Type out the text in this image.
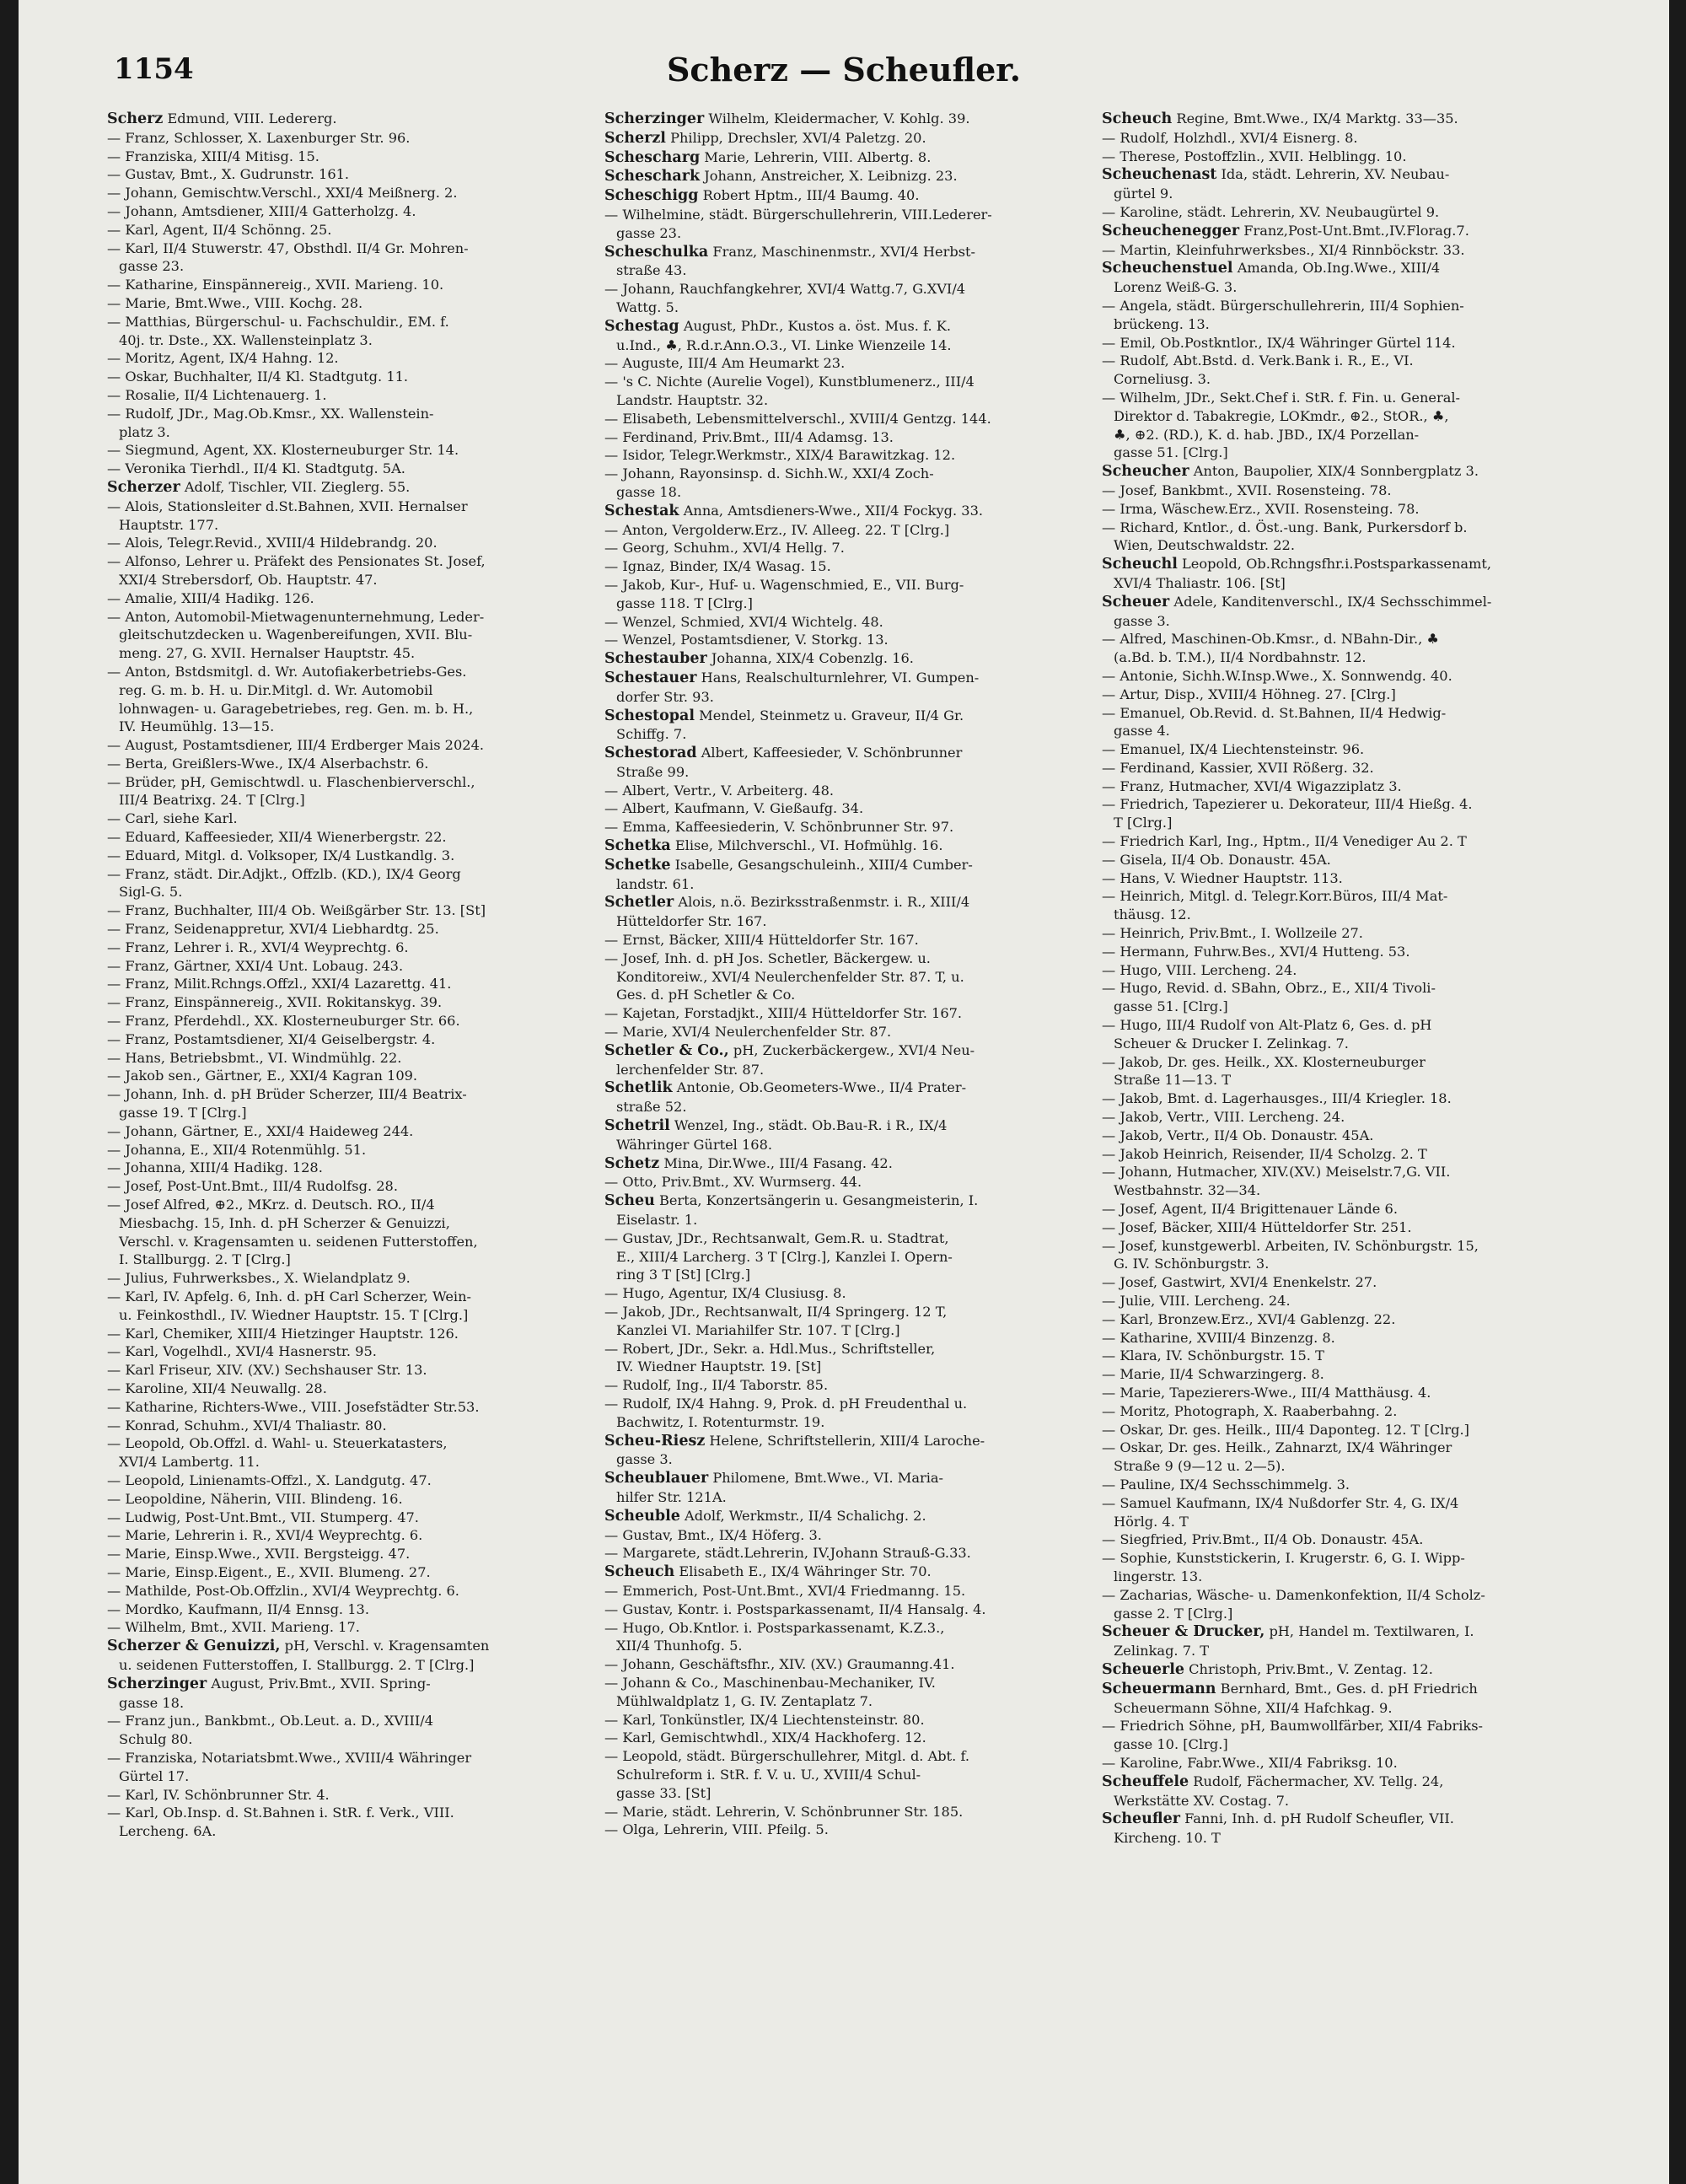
1154	Scherz — Scheufler.
Scherz Edmund, VIII. Ledererg.
— Franz, Schlosser, X. Laxenburger Str. 96.
— Franziska, XIII/4 Mitisg. 15.
— Gustav, Bmt., X. Gudrunstr. 161.
— Johann, Gemischtw.Verschl., XXI/4 Meißnerg. 2.
— Johann, Amtsdiener, XIII/4 Gatterholzg. 4.
— Karl, Agent, II/4 Schönng. 25.
— Karl, II/4 Stuwerstr. 47, Obsthdl. II/4 Gr. Mohren-
gasse 23.
— Katharine, Einspännereig., XVII. Marieng. 10.
— Marie, Bmt.Wwe., VIII. Kochg. 28.
— Matthias, Bürgerschul- u. Fachschuldir., EM. f.
40j. tr. Dste., XX. Wallensteinplatz 3.
— Moritz, Agent, IX/4 Hahng. 12.
— Oskar, Buchhalter, II/4 Kl. Stadtgutg. 11.
— Rosalie, II/4 Lichtenauerg. 1.
— Rudolf, JDr., Mag.Ob.Kmsr., XX. Wallenstein-
platz 3.
— Siegmund, Agent, XX. Klosterneuburger Str. 14.
— Veronika Tierhdl., II/4 Kl. Stadtgutg. 5A.
Scherzer Adolf, Tischler, VII. Zieglerg. 55.
— Alois, Stationsleiter d.St.Bahnen, XVII. Hernalser
Hauptstr. 177.
— Alois, Telegr.Revid., XVIII/4 Hildebrandg. 20.
— Alfonso, Lehrer u. Präfekt des Pensionates St. Josef,
XXI/4 Strebersdorf, Ob. Hauptstr. 47.
— Amalie, XIII/4 Hadikg. 126.
— Anton, Automobil-Mietwagenunternehmung, Leder-
gleitschutzdecken u. Wagenbereifungen, XVII. Blu-
meng. 27, G. XVII. Hernalser Hauptstr. 45.
— Anton, Bstdsmitgl. d. Wr. Autofiakerbetriebs-Ges.
reg. G. m. b. H. u. Dir.Mitgl. d. Wr. Automobil
lohnwagen- u. Garagebetriebes, reg. Gen. m. b. H.,
IV. Heumühlg. 13—15.
— August, Postamtsdiener, III/4 Erdberger Mais 2024.
— Berta, Greißlers-Wwe., IX/4 Alserbachstr. 6.
— Brüder, pH, Gemischtwdl. u. Flaschenbierverschl.,
III/4 Beatrixg. 24. T [Clrg.]
— Carl, siehe Karl.
— Eduard, Kaffeesieder, XII/4 Wienerbergstr. 22.
— Eduard, Mitgl. d. Volksoper, IX/4 Lustkandlg. 3.
— Franz, städt. Dir.Adjkt., Offzlb. (KD.), IX/4 Georg
Sigl-G. 5.
— Franz, Buchhalter, III/4 Ob. Weißgärber Str. 13. [St]
— Franz, Seidenappretur, XVI/4 Liebhardtg. 25.
— Franz, Lehrer i. R., XVI/4 Weyprechtg. 6.
— Franz, Gärtner, XXI/4 Unt. Lobaug. 243.
— Franz, Milit.Rchngs.Offzl., XXI/4 Lazarettg. 41.
— Franz, Einspännereig., XVII. Rokitanskyg. 39.
— Franz, Pferdehdl., XX. Klosterneuburger Str. 66.
— Franz, Postamtsdiener, XI/4 Geiselbergstr. 4.
— Hans, Betriebsbmt., VI. Windmühlg. 22.
— Jakob sen., Gärtner, E., XXI/4 Kagran 109.
— Johann, Inh. d. pH Brüder Scherzer, III/4 Beatrix-
gasse 19. T [Clrg.]
— Johann, Gärtner, E., XXI/4 Haideweg 244.
— Johanna, E., XII/4 Rotenmühlg. 51.
— Johanna, XIII/4 Hadikg. 128.
— Josef, Post-Unt.Bmt., III/4 Rudolfsg. 28.
— Josef Alfred, ⊕2., MKrz. d. Deutsch. RO., II/4
Miesbachg. 15, Inh. d. pH Scherzer & Genuizzi,
Verschl. v. Kragensamten u. seidenen Futterstoffen,
I. Stallburgg. 2. T [Clrg.]
— Julius, Fuhrwerksbes., X. Wielandplatz 9.
— Karl, IV. Apfelg. 6, Inh. d. pH Carl Scherzer, Wein-
u. Feinkosthdl., IV. Wiedner Hauptstr. 15. T [Clrg.]
— Karl, Chemiker, XIII/4 Hietzinger Hauptstr. 126.
— Karl, Vogelhdl., XVI/4 Hasnerstr. 95.
— Karl Friseur, XIV. (XV.) Sechshauser Str. 13.
— Karoline, XII/4 Neuwallg. 28.
— Katharine, Richters-Wwe., VIII. Josefstädter Str.53.
— Konrad, Schuhm., XVI/4 Thaliastr. 80.
— Leopold, Ob.Offzl. d. Wahl- u. Steuerkatasters,
XVI/4 Lambertg. 11.
— Leopold, Linienamts-Offzl., X. Landgutg. 47.
— Leopoldine, Näherin, VIII. Blindeng. 16.
— Ludwig, Post-Unt.Bmt., VII. Stumperg. 47.
— Marie, Lehrerin i. R., XVI/4 Weyprechtg. 6.
— Marie, Einsp.Wwe., XVII. Bergsteigg. 47.
— Marie, Einsp.Eigent., E., XVII. Blumeng. 27.
— Mathilde, Post-Ob.Offzlin., XVI/4 Weyprechtg. 6.
— Mordko, Kaufmann, II/4 Ennsg. 13.
— Wilhelm, Bmt., XVII. Marieng. 17.
Scherzer & Genuizzi, pH, Verschl. v. Kragensamten
u. seidenen Futterstoffen, I. Stallburgg. 2. T [Clrg.]
Scherzinger August, Priv.Bmt., XVII. Spring-
gasse 18.
— Franz jun., Bankbmt., Ob.Leut. a. D., XVIII/4
Schulg 80.
— Franziska, Notariatsbmt.Wwe., XVIII/4 Währinger
Gürtel 17.
— Karl, IV. Schönbrunner Str. 4.
— Karl, Ob.Insp. d. St.Bahnen i. StR. f. Verk., VIII.
Lercheng. 6A.
Scherzinger Wilhelm, Kleidermacher, V. Kohlg. 39.
Scherzl Philipp, Drechsler, XVI/4 Paletzg. 20.
Schescharg Marie, Lehrerin, VIII. Albertg. 8.
Scheschark Johann, Anstreicher, X. Leibnizg. 23.
Scheschigg Robert Hptm., III/4 Baumg. 40.
— Wilhelmine, städt. Bürgerschullehrerin, VIII.Lederer-
gasse 23.
Scheschulka Franz, Maschinenmstr., XVI/4 Herbst-
straße 43.
— Johann, Rauchfangkehrer, XVI/4 Wattg.7, G.XVI/4
Wattg. 5.
Schestag August, PhDr., Kustos a. öst. Mus. f. K.
u.Ind., ♣, R.d.r.Ann.O.3., VI. Linke Wienzeile 14.
— Auguste, III/4 Am Heumarkt 23.
— 's C. Nichte (Aurelie Vogel), Kunstblumenerz., III/4
Landstr. Hauptstr. 32.
— Elisabeth, Lebensmittelverschl., XVIII/4 Gentzg. 144.
— Ferdinand, Priv.Bmt., III/4 Adamsg. 13.
— Isidor, Telegr.Werkmstr., XIX/4 Barawitzkag. 12.
— Johann, Rayonsinsp. d. Sichh.W., XXI/4 Zoch-
gasse 18.
Schestak Anna, Amtsdieners-Wwe., XII/4 Fockyg. 33.
— Anton, Vergolderw.Erz., IV. Alleeg. 22. T [Clrg.]
— Georg, Schuhm., XVI/4 Hellg. 7.
— Ignaz, Binder, IX/4 Wasag. 15.
— Jakob, Kur-, Huf- u. Wagenschmied, E., VII. Burg-
gasse 118. T [Clrg.]
— Wenzel, Schmied, XVI/4 Wichtelg. 48.
— Wenzel, Postamtsdiener, V. Storkg. 13.
Schestauber Johanna, XIX/4 Cobenzlg. 16.
Schestauer Hans, Realschulturnlehrer, VI. Gumpen-
dorfer Str. 93.
Schestopal Mendel, Steinmetz u. Graveur, II/4 Gr.
Schiffg. 7.
Schestorad Albert, Kaffeesieder, V. Schönbrunner
Straße 99.
— Albert, Vertr., V. Arbeiterg. 48.
— Albert, Kaufmann, V. Gießaufg. 34.
— Emma, Kaffeesiederin, V. Schönbrunner Str. 97.
Schetka Elise, Milchverschl., VI. Hofmühlg. 16.
Schetke Isabelle, Gesangschuleinh., XIII/4 Cumber-
landstr. 61.
Schetler Alois, n.ö. Bezirksstraßenmstr. i. R., XIII/4
Hütteldorfer Str. 167.
— Ernst, Bäcker, XIII/4 Hütteldorfer Str. 167.
— Josef, Inh. d. pH Jos. Schetler, Bäckergew. u.
Konditoreiw., XVI/4 Neulerchenfelder Str. 87. T, u.
Ges. d. pH Schetler & Co.
— Kajetan, Forstadjkt., XIII/4 Hütteldorfer Str. 167.
— Marie, XVI/4 Neulerchenfelder Str. 87.
Schetler & Co., pH, Zuckerbäckergew., XVI/4 Neu-
lerchenfelder Str. 87.
Schetlik Antonie, Ob.Geometers-Wwe., II/4 Prater-
straße 52.
Schetril Wenzel, Ing., städt. Ob.Bau-R. i R., IX/4
Währinger Gürtel 168.
Schetz Mina, Dir.Wwe., III/4 Fasang. 42.
— Otto, Priv.Bmt., XV. Wurmserg. 44.
Scheu Berta, Konzertsängerin u. Gesangmeisterin, I.
Eiselastr. 1.
— Gustav, JDr., Rechtsanwalt, Gem.R. u. Stadtrat,
E., XIII/4 Larcherg. 3 T [Clrg.], Kanzlei I. Opern-
ring 3 T [St] [Clrg.]
— Hugo, Agentur, IX/4 Clusiusg. 8.
— Jakob, JDr., Rechtsanwalt, II/4 Springerg. 12 T,
Kanzlei VI. Mariahilfer Str. 107. T [Clrg.]
— Robert, JDr., Sekr. a. Hdl.Mus., Schriftsteller,
IV. Wiedner Hauptstr. 19. [St]
— Rudolf, Ing., II/4 Taborstr. 85.
— Rudolf, IX/4 Hahng. 9, Prok. d. pH Freudenthal u.
Bachwitz, I. Rotenturmstr. 19.
Scheu-Riesz Helene, Schriftstellerin, XIII/4 Laroche-
gasse 3.
Scheublauer Philomene, Bmt.Wwe., VI. Maria-
hilfer Str. 121A.
Scheuble Adolf, Werkmstr., II/4 Schalichg. 2.
— Gustav, Bmt., IX/4 Höferg. 3.
— Margarete, städt.Lehrerin, IV.Johann Strauß-G.33.
Scheuch Elisabeth E., IX/4 Währinger Str. 70.
— Emmerich, Post-Unt.Bmt., XVI/4 Friedmanng. 15.
— Gustav, Kontr. i. Postsparkassenamt, II/4 Hansalg. 4.
— Hugo, Ob.Kntlor. i. Postsparkassenamt, K.Z.3.,
XII/4 Thunhofg. 5.
— Johann, Geschäftsfhr., XIV. (XV.) Graumanng.41.
— Johann & Co., Maschinenbau-Mechaniker, IV.
Mühlwaldplatz 1, G. IV. Zentaplatz 7.
— Karl, Tonkünstler, IX/4 Liechtensteinstr. 80.
— Karl, Gemischtwhdl., XIX/4 Hackhoferg. 12.
— Leopold, städt. Bürgerschullehrer, Mitgl. d. Abt. f.
Schulreform i. StR. f. V. u. U., XVIII/4 Schul-
gasse 33. [St]
— Marie, städt. Lehrerin, V. Schönbrunner Str. 185.
— Olga, Lehrerin, VIII. Pfeilg. 5.
Scheuch Regine, Bmt.Wwe., IX/4 Marktg. 33—35.
— Rudolf, Holzhdl., XVI/4 Eisnerg. 8.
— Therese, Postoffzlin., XVII. Helblingg. 10.
Scheuchenast Ida, städt. Lehrerin, XV. Neubau-
gürtel 9.
— Karoline, städt. Lehrerin, XV. Neubaugürtel 9.
Scheuchenegger Franz,Post-Unt.Bmt.,IV.Florag.7.
— Martin, Kleinfuhrwerksbes., XI/4 Rinnböckstr. 33.
Scheuchenstuel Amanda, Ob.Ing.Wwe., XIII/4
Lorenz Weiß-G. 3.
— Angela, städt. Bürgerschullehrerin, III/4 Sophien-
brückeng. 13.
— Emil, Ob.Postkntlor., IX/4 Währinger Gürtel 114.
— Rudolf, Abt.Bstd. d. Verk.Bank i. R., E., VI.
Corneliusg. 3.
— Wilhelm, JDr., Sekt.Chef i. StR. f. Fin. u. General-
Direktor d. Tabakregie, LOKmdr., ⊕2., StOR., ♣,
♣, ⊕2. (RD.), K. d. hab. JBD., IX/4 Porzellan-
gasse 51. [Clrg.]
Scheucher Anton, Baupolier, XIX/4 Sonnbergplatz 3.
— Josef, Bankbmt., XVII. Rosensteing. 78.
— Irma, Wäschew.Erz., XVII. Rosensteing. 78.
— Richard, Kntlor., d. Öst.-ung. Bank, Purkersdorf b.
Wien, Deutschwaldstr. 22.
Scheuchl Leopold, Ob.Rchngsfhr.i.Postsparkassenamt,
XVI/4 Thaliastr. 106. [St]
Scheuer Adele, Kanditenverschl., IX/4 Sechsschimmel-
gasse 3.
— Alfred, Maschinen-Ob.Kmsr., d. NBahn-Dir., ♣
(a.Bd. b. T.M.), II/4 Nordbahnstr. 12.
— Antonie, Sichh.W.Insp.Wwe., X. Sonnwendg. 40.
— Artur, Disp., XVIII/4 Höhneg. 27. [Clrg.]
— Emanuel, Ob.Revid. d. St.Bahnen, II/4 Hedwig-
gasse 4.
— Emanuel, IX/4 Liechtensteinstr. 96.
— Ferdinand, Kassier, XVII Rößerg. 32.
— Franz, Hutmacher, XVI/4 Wigazziplatz 3.
— Friedrich, Tapezierer u. Dekorateur, III/4 Hießg. 4.
T [Clrg.]
— Friedrich Karl, Ing., Hptm., II/4 Venediger Au 2. T
— Gisela, II/4 Ob. Donaustr. 45A.
— Hans, V. Wiedner Hauptstr. 113.
— Heinrich, Mitgl. d. Telegr.Korr.Büros, III/4 Mat-
thäusg. 12.
— Heinrich, Priv.Bmt., I. Wollzeile 27.
— Hermann, Fuhrw.Bes., XVI/4 Hutteng. 53.
— Hugo, VIII. Lercheng. 24.
— Hugo, Revid. d. SBahn, Obrz., E., XII/4 Tivoli-
gasse 51. [Clrg.]
— Hugo, III/4 Rudolf von Alt-Platz 6, Ges. d. pH
Scheuer & Drucker I. Zelinkag. 7.
— Jakob, Dr. ges. Heilk., XX. Klosterneuburger
Straße 11—13. T
— Jakob, Bmt. d. Lagerhausges., III/4 Kriegler. 18.
— Jakob, Vertr., VIII. Lercheng. 24.
— Jakob, Vertr., II/4 Ob. Donaustr. 45A.
— Jakob Heinrich, Reisender, II/4 Scholzg. 2. T
— Johann, Hutmacher, XIV.(XV.) Meiselstr.7,G. VII.
Westbahnstr. 32—34.
— Josef, Agent, II/4 Brigittenauer Lände 6.
— Josef, Bäcker, XIII/4 Hütteldorfer Str. 251.
— Josef, kunstgewerbl. Arbeiten, IV. Schönburgstr. 15,
G. IV. Schönburgstr. 3.
— Josef, Gastwirt, XVI/4 Enenkelstr. 27.
— Julie, VIII. Lercheng. 24.
— Karl, Bronzew.Erz., XVI/4 Gablenzg. 22.
— Katharine, XVIII/4 Binzenzg. 8.
— Klara, IV. Schönburgstr. 15. T
— Marie, II/4 Schwarzingerg. 8.
— Marie, Tapezierers-Wwe., III/4 Matthäusg. 4.
— Moritz, Photograph, X. Raaberbahng. 2.
— Oskar, Dr. ges. Heilk., III/4 Daponteg. 12. T [Clrg.]
— Oskar, Dr. ges. Heilk., Zahnarzt, IX/4 Währinger
Straße 9 (9—12 u. 2—5).
— Pauline, IX/4 Sechsschimmelg. 3.
— Samuel Kaufmann, IX/4 Nußdorfer Str. 4, G. IX/4
Hörlg. 4. T
— Siegfried, Priv.Bmt., II/4 Ob. Donaustr. 45A.
— Sophie, Kunststickerin, I. Krugerstr. 6, G. I. Wipp-
lingerstr. 13.
— Zacharias, Wäsche- u. Damenkonfektion, II/4 Scholz-
gasse 2. T [Clrg.]
Scheuer & Drucker, pH, Handel m. Textilwaren, I.
Zelinkag. 7. T
Scheuerle Christoph, Priv.Bmt., V. Zentag. 12.
Scheuermann Bernhard, Bmt., Ges. d. pH Friedrich
Scheuermann Söhne, XII/4 Hafchkag. 9.
— Friedrich Söhne, pH, Baumwollfärber, XII/4 Fabriks-
gasse 10. [Clrg.]
— Karoline, Fabr.Wwe., XII/4 Fabriksg. 10.
Scheuffele Rudolf, Fächermacher, XV. Tellg. 24,
Werkstätte XV. Costag. 7.
Scheufler Fanni, Inh. d. pH Rudolf Scheufler, VII.
Kircheng. 10. T
